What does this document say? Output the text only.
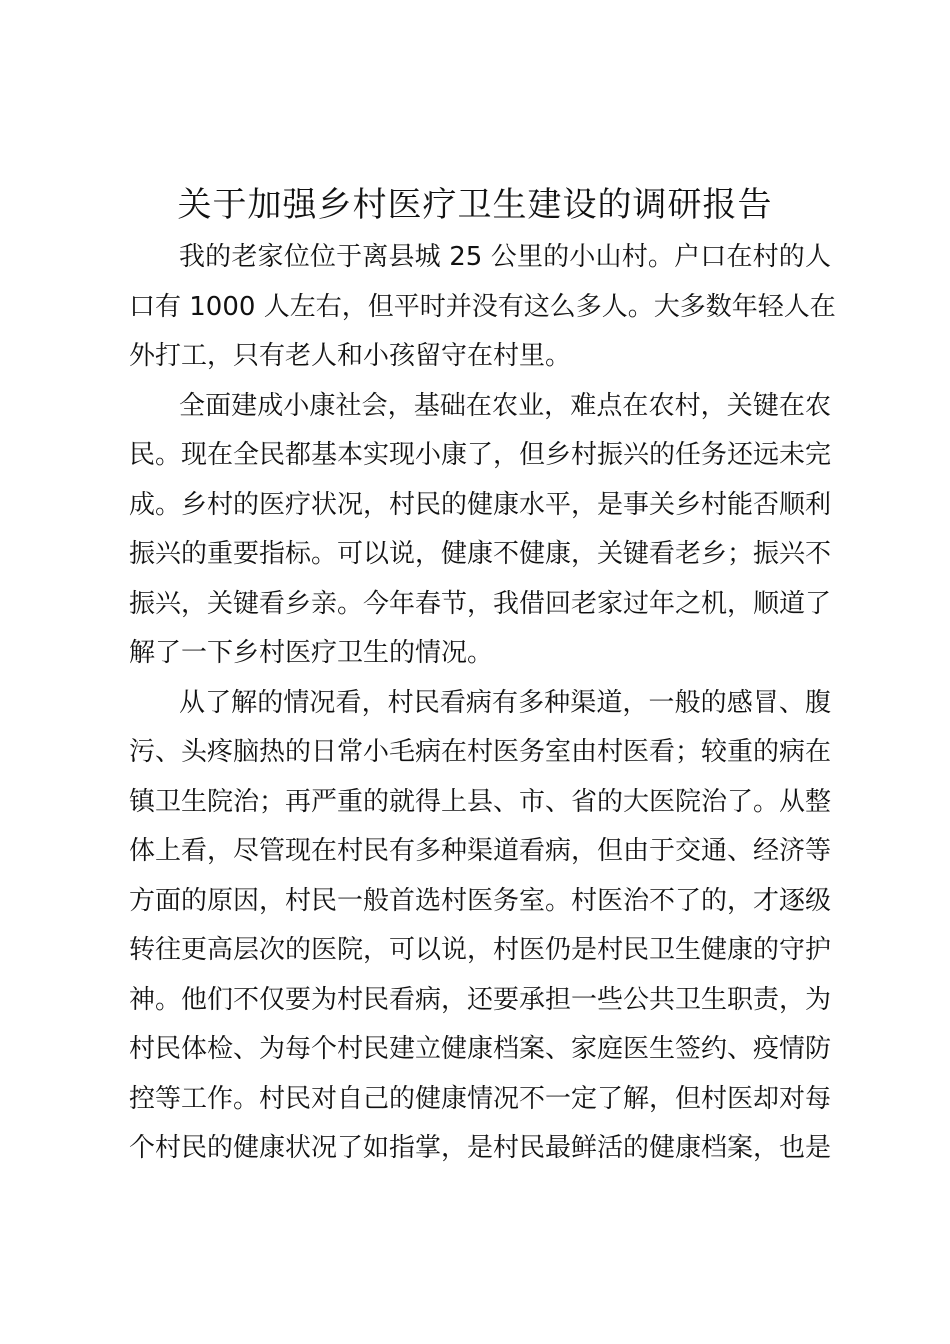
关于加强乡村医疗卫生建设的调研报告
我的老家位位于离县城 25 公里的小山村。户口在村的人
口有 1000 人左右，但平时并没有这么多人。大多数年轻人在
外打工，只有老人和小孩留守在村里。
全面建成小康社会，基础在农业，难点在农村，关键在农
民。现在全民都基本实现小康了，但乡村振兴的任务还远未完
成。乡村的医疗状况，村民的健康水平，是事关乡村能否顺利
振兴的重要指标。可以说，健康不健康，关键看老乡；振兴不
振兴，关键看乡亲。今年春节，我借回老家过年之机，顺道了
解了一下乡村医疗卫生的情况。
从了解的情况看，村民看病有多种渠道，一般的感冒、腹
污、头疼脑热的日常小毛病在村医务室由村医看；较重的病在
镇卫生院治；再严重的就得上县、市、省的大医院治了。从整
体上看，尽管现在村民有多种渠道看病，但由于交通、经济等
方面的原因，村民一般首选村医务室。村医治不了的，才逐级
转往更高层次的医院，可以说，村医仍是村民卫生健康的守护
神。他们不仅要为村民看病，还要承担一些公共卫生职责，为
村民体检、为每个村民建立健康档案、家庭医生签约、疫情防
控等工作。村民对自己的健康情况不一定了解，但村医却对每
个村民的健康状况了如指掌，是村民最鲜活的健康档案，也是
